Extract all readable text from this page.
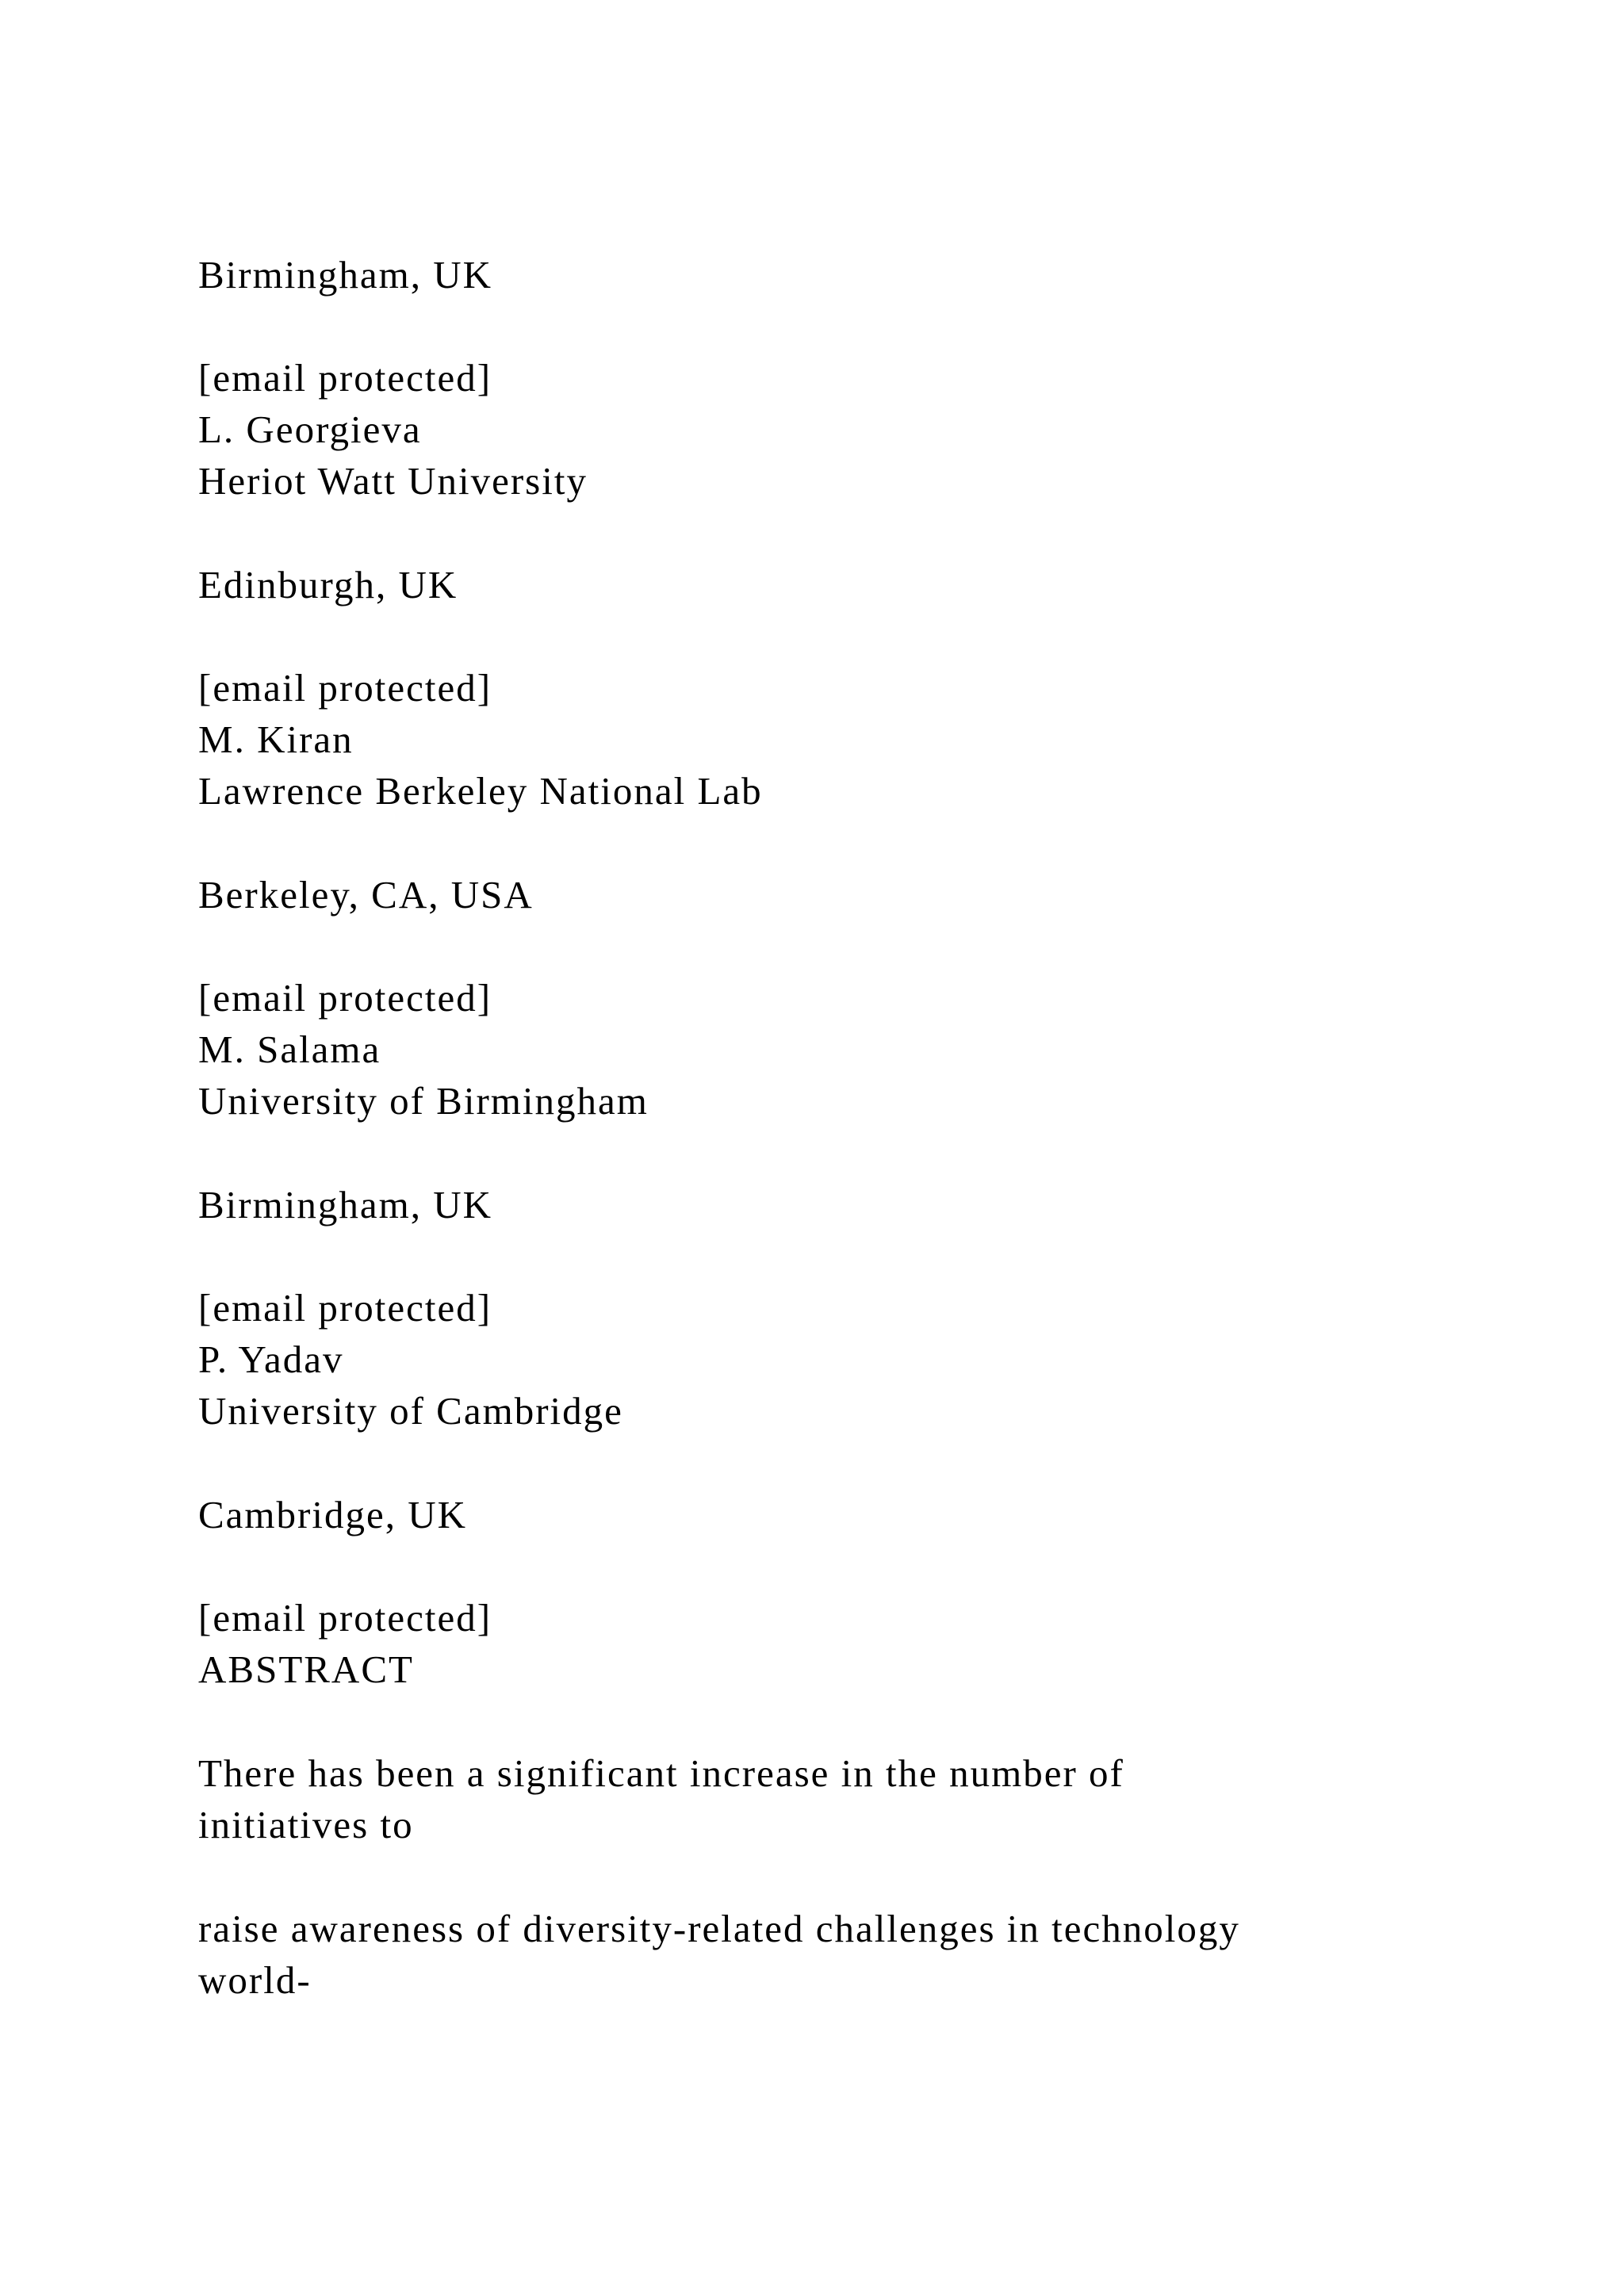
Birmingham, UK

[email protected]

L. Georgieva

Heriot Watt University

Edinburgh, UK

[email protected]

M. Kiran

Lawrence Berkeley National Lab

Berkeley, CA, USA

[email protected]

M. Salama

University of Birmingham

Birmingham, UK

[email protected]

P. Yadav

University of Cambridge

Cambridge, UK

[email protected]

ABSTRACT

There has been a significant increase in the number of

initiatives to

raise awareness of diversity-related challenges in technology

world-
